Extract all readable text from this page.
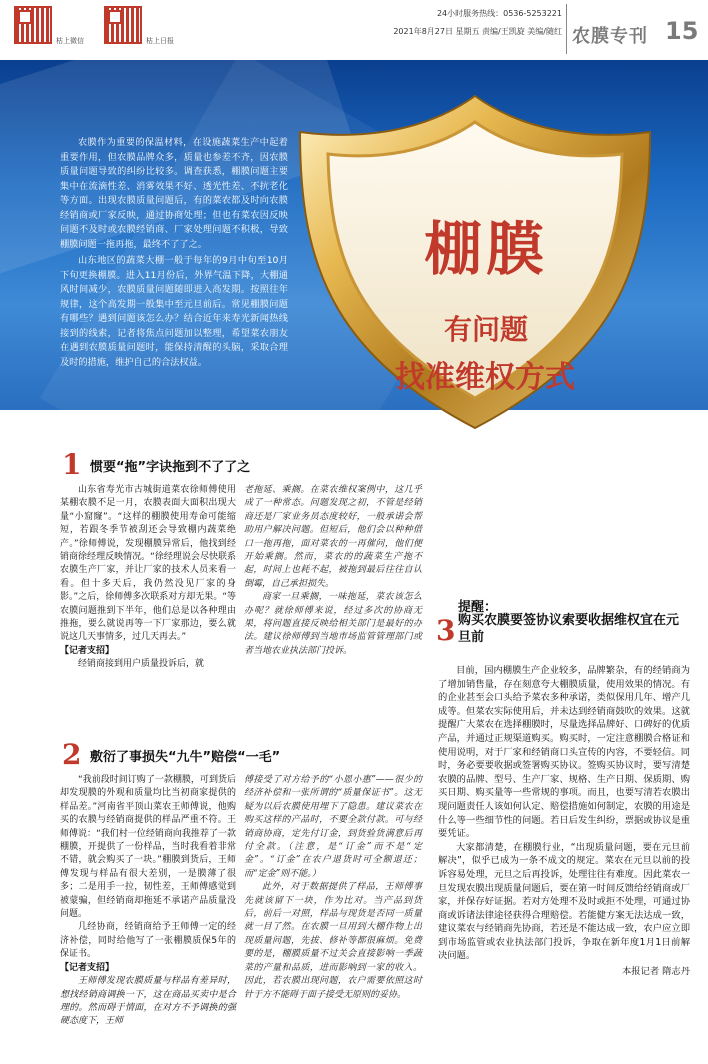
枯上微信	枯上日报
24小时服务热线：0536-5253221
2021年8月27日 星期五 责编/王凯旋 美编/随红 农膜专刊 15

农膜作为重要的保温材料，在设施蔬菜生产中起着重要作用，但农膜品牌众多，质量也参差不齐，因农膜质量问题导致的纠纷比较多。调查获悉，棚膜问题主要集中在流滴性差、消雾效果不好、透光性差、不抗老化等方面。出现农膜质量问题后，有的菜农都及时向农膜经销商或厂家反映，通过协商处理；但也有菜农因反映问题不及时或农膜经销商、厂家处理问题不积极，导致棚膜问题一拖再拖，最终不了了之。

山东地区的蔬菜大棚一般于每年的9月中旬至10月下旬更换棚膜。进入11月份后，外界气温下降，大棚通风时间减少，农膜质量问题随即进入高发期。按照往年规律，这个高发期一般集中至元旦前后。常见棚膜问题有哪些？遇到问题该怎么办？结合近年来寿光新闻热线接到的线索，记者将焦点问题加以整理，希望菜农朋友在遇到农膜质量问题时，能保持清醒的头脑，采取合理及时的措施，维护自己的合法权益。

棚膜
有问题
找准维权方式
1 惯要“拖”字诀拖到不了了之

山东省寿光市古城街道菜农徐师傅使用某棚农膜不足一月，农膜表面大面积出现大量“小窟窿”。“这样的棚膜使用寿命可能缩短，若跟冬季节被刮还会导致棚内蔬菜绝产。”徐师傅说，发现棚膜异常后，他找到经销商徐经理反映情况。“徐经理说会尽快联系农膜生产厂家，并让厂家的技术人员来看一看。但十多天后，我仍然没见厂家的身影。”之后，徐师傅多次联系对方却无果。“等农膜问题推到下半年，他们总是以各种理由推拖，要么就说再等一下厂家那边，要么就说这几天事情多，过几天再去。”

【记者支招】

经销商接到用户质量投诉后，就

老拖延、乘搁。在菜农维权案例中，这几乎成了一种常态。问题发现之初，不管是经销商还是厂家业务员态度较好，一般承诺会帮助用户解决问题。但短后，他们会以种种借口一拖再拖，面对菜农的一再催问，他们便开始乘搁。然而，菜农的的蔬菜生产拖不起，时间上也耗不起，被拖到最后往往自认倒霉，自己承担损失。

商家一旦乘搁，一味拖延，菜农该怎么办呢？就徐师傅来说，经过多次的协商无果，将问题直接反映给相关部门是最好的办法。建议徐师傅到当地市场监管管理部门或者当地农业执法部门投诉。

2 敷衍了事损失“九牛”赔偿“一毛”

“我前段时间订购了一款棚膜，可到货后却发现膜的外观和质量均比当初商家提供的样品差。”河南省平顶山菜农王师傅说，他购买的农膜与经销商提供的样品严重不符。王师傅说：“我们村一位经销商向我推荐了一款棚膜，开提供了一份样品，当时我看着非常不错，就会购买了一块。”棚膜到货后，王师傅发现与样品有很大差别，一是膜薄了很多；二是用手一拉，韧性差，王师傅感觉到被蒙骗，但经销商却拖延不承诺产品质量没问题。

几经协商，经销商给予王师傅一定的经济补偿，同时给他写了一张棚膜质保5年的保证书。

【记者支招】

王师傅发现农膜质量与样品有差异时，想找经销商调换一下，这在商品买卖中是合理的。然而碍于情面，在对方不予调换的强硬态度下，王师

傅接受了对方给予的“小恩小惠”——很少的经济补偿和一张所谓的“质量保证书”。这无疑为以后农膜使用埋下了隐患。建议菜农在购买这样的产品时，不要全款付款。可与经销商协商，定先付订金，到货验货满意后再付全款。（注意，是“订金”而不是“定金”。“订金”在农户退货时可全额退还；而“定金”则不能。）

此外，对于数据提供了样品，王师傅事先就该留下一块，作为比对。当产品到货后，前后一对照，样品与现货是否同一质量就一目了然。在农膜一旦用到大棚作物上出现质量问题，先拔、修补等都很麻烦。免费要的是，棚膜质量不过关会直接影响一季蔬菜的产量和品质，进而影响到一家的收入。因此，若农膜出现问题，农户需要依照这时针于方不能碍于面子接受无原则的妥协。

提醒：
3 购买农膜要签协议索要收据维权宜在元旦前

目前，国内棚膜生产企业较多，品牌繁杂，有的经销商为了增加销售量，存在刻意夸大棚膜质量，使用效果的情况。有的企业甚至会口头给予菜农多种承诺，类似保用几年、增产几成等。但菜农实际使用后，并未达到经销商鼓吹的效果。这就提醒广大菜农在选择棚膜时，尽量选择品牌好、口碑好的优质产品，并通过正规渠道购买。购买时，一定注意棚膜合格证和使用说明，对于厂家和经销商口头宣传的内容，不要轻信。同时，务必要要收据或签署购买协议。签购买协议时，要写清楚农膜的品牌、型号、生产厂家、规格、生产日期、保质期、购买日期、购买量等一些常规的事项。而且，也要写清若农膜出现问题责任人该如何认定、赔偿措施如何制定，农膜的用途是什么等一些细节性的问题。若日后发生纠纷，票据或协议是重要凭证。

大家都清楚，在棚膜行业，“出现质量问题，要在元旦前解决”，似乎已成为一条不成文的规定。菜农在元旦以前的投诉容易处理，元旦之后再投诉，处理往往有难度。因此菜农一旦发现农膜出现质量问题后，要在第一时间反馈给经销商或厂家，并保存好证据。若对方处理不及时或拒不处理，可通过协商或诉诸法律途径获得合理赔偿。若能健方案无法达成一致，建议菜农与经销商先协商，若还是不能达成一致，农户应立即到市场监管或农业执法部门投诉，争取在新年度1月1日前解决问题。

本报记者 隋志丹
